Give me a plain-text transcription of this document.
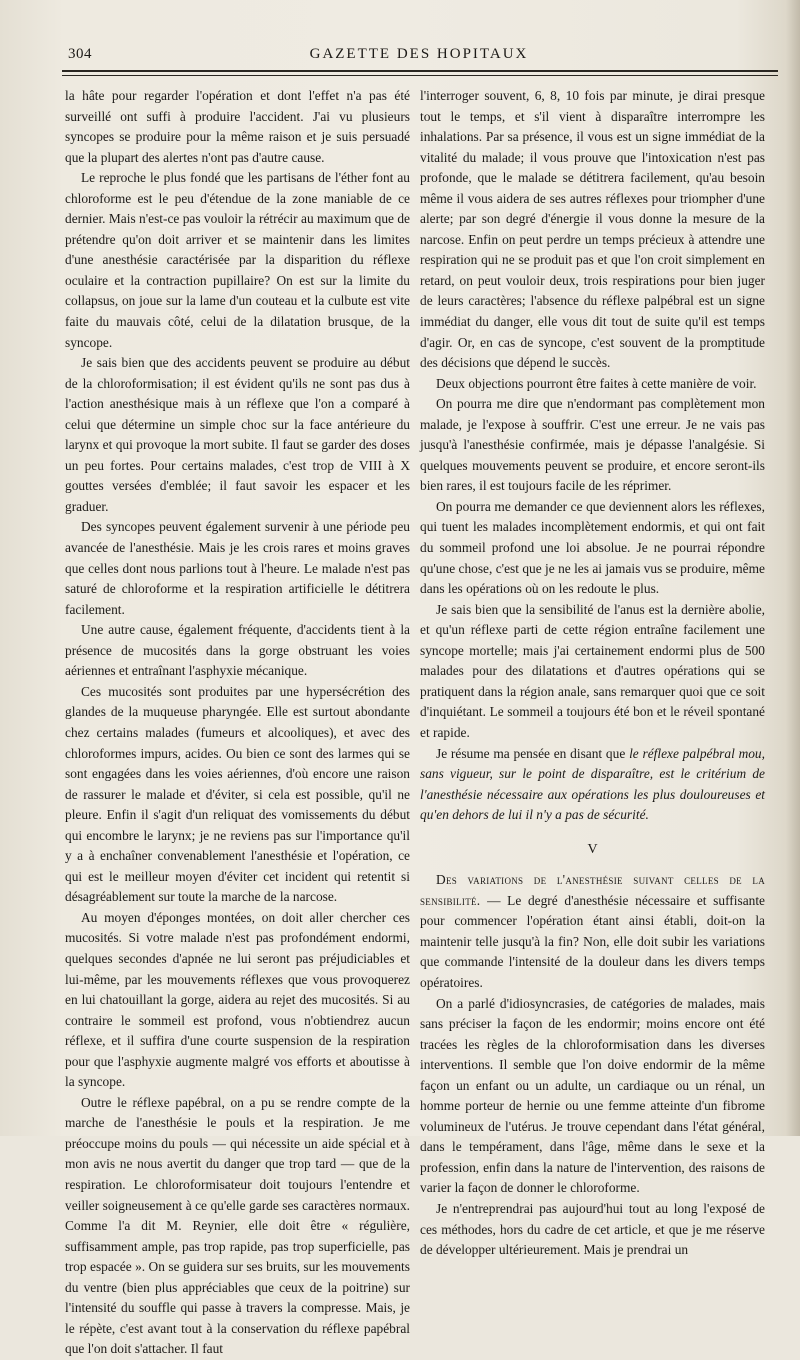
304	GAZETTE DES HOPITAUX

la hâte pour regarder l'opération et dont l'effet n'a pas été surveillé ont suffi à produire l'accident. J'ai vu plusieurs syncopes se produire pour la même raison et je suis persuadé que la plupart des alertes n'ont pas d'autre cause.

Le reproche le plus fondé que les partisans de l'éther font au chloroforme est le peu d'étendue de la zone maniable de ce dernier. Mais n'est-ce pas vouloir la rétrécir au maximum que de prétendre qu'on doit arriver et se maintenir dans les limites d'une anesthésie caractérisée par la disparition du réflexe oculaire et la contraction pupillaire? On est sur la limite du collapsus, on joue sur la lame d'un couteau et la culbute est vite faite du mauvais côté, celui de la dilatation brusque, de la syncope.

Je sais bien que des accidents peuvent se produire au début de la chloroformisation; il est évident qu'ils ne sont pas dus à l'action anesthésique mais à un réflexe que l'on a comparé à celui que détermine un simple choc sur la face antérieure du larynx et qui provoque la mort subite. Il faut se garder des doses un peu fortes. Pour certains malades, c'est trop de VIII à X gouttes versées d'emblée; il faut savoir les espacer et les graduer.

Des syncopes peuvent également survenir à une période peu avancée de l'anesthésie. Mais je les crois rares et moins graves que celles dont nous parlions tout à l'heure. Le malade n'est pas saturé de chloroforme et la respiration artificielle le détitrera facilement.

Une autre cause, également fréquente, d'accidents tient à la présence de mucosités dans la gorge obstruant les voies aériennes et entraînant l'asphyxie mécanique.

Ces mucosités sont produites par une hypersécrétion des glandes de la muqueuse pharyngée. Elle est surtout abondante chez certains malades (fumeurs et alcooliques), et avec des chloroformes impurs, acides. Ou bien ce sont des larmes qui se sont engagées dans les voies aériennes, d'où encore une raison de rassurer le malade et d'éviter, si cela est possible, qu'il ne pleure. Enfin il s'agit d'un reliquat des vomissements du début qui encombre le larynx; je ne reviens pas sur l'importance qu'il y a à enchaîner convenablement l'anesthésie et l'opération, ce qui est le meilleur moyen d'éviter cet incident qui retentit si désagréablement sur toute la marche de la narcose.

Au moyen d'éponges montées, on doit aller chercher ces mucosités. Si votre malade n'est pas profondément endormi, quelques secondes d'apnée ne lui seront pas préjudiciables et lui-même, par les mouvements réflexes que vous provoquerez en lui chatouillant la gorge, aidera au rejet des mucosités. Si au contraire le sommeil est profond, vous n'obtiendrez aucun réflexe, et il suffira d'une courte suspension de la respiration pour que l'asphyxie augmente malgré vos efforts et aboutisse à la syncope.

Outre le réflexe papébral, on a pu se rendre compte de la marche de l'anesthésie le pouls et la respiration. Je me préoccupe moins du pouls — qui nécessite un aide spécial et à mon avis ne nous avertit du danger que trop tard — que de la respiration. Le chloroformisateur doit toujours l'entendre et veiller soigneusement à ce qu'elle garde ses caractères normaux. Comme l'a dit M. Reynier, elle doit être « régulière, suffisamment ample, pas trop rapide, pas trop superficielle, pas trop espacée ». On se guidera sur ses bruits, sur les mouvements du ventre (bien plus appréciables que ceux de la poitrine) sur l'intensité du souffle qui passe à travers la compresse. Mais, je le répète, c'est avant tout à la conservation du réflexe papébral que l'on doit s'attacher. Il faut

l'interroger souvent, 6, 8, 10 fois par minute, je dirai presque tout le temps, et s'il vient à disparaître interrompre les inhalations. Par sa présence, il vous est un signe immédiat de la vitalité du malade; il vous prouve que l'intoxication n'est pas profonde, que le malade se détitrera facilement, qu'au besoin même il vous aidera de ses autres réflexes pour triompher d'une alerte; par son degré d'énergie il vous donne la mesure de la narcose. Enfin on peut perdre un temps précieux à attendre une respiration qui ne se produit pas et que l'on croit simplement en retard, on peut vouloir deux, trois respirations pour bien juger de leurs caractères; l'absence du réflexe palpébral est un signe immédiat du danger, elle vous dit tout de suite qu'il est temps d'agir. Or, en cas de syncope, c'est souvent de la promptitude des décisions que dépend le succès.

Deux objections pourront être faites à cette manière de voir.

On pourra me dire que n'endormant pas complètement mon malade, je l'expose à souffrir. C'est une erreur. Je ne vais pas jusqu'à l'anesthésie confirmée, mais je dépasse l'analgésie. Si quelques mouvements peuvent se produire, et encore seront-ils bien rares, il est toujours facile de les réprimer.

On pourra me demander ce que deviennent alors les réflexes, qui tuent les malades incomplètement endormis, et qui ont fait du sommeil profond une loi absolue. Je ne pourrai répondre qu'une chose, c'est que je ne les ai jamais vus se produire, même dans les opérations où on les redoute le plus.

Je sais bien que la sensibilité de l'anus est la dernière abolie, et qu'un réflexe parti de cette région entraîne facilement une syncope mortelle; mais j'ai certainement endormi plus de 500 malades pour des dilatations et d'autres opérations qui se pratiquent dans la région anale, sans remarquer quoi que ce soit d'inquiétant. Le sommeil a toujours été bon et le réveil spontané et rapide.

Je résume ma pensée en disant que le réflexe palpébral mou, sans vigueur, sur le point de disparaître, est le critérium de l'anesthésie nécessaire aux opérations les plus douloureuses et qu'en dehors de lui il n'y a pas de sécurité.

V

Des variations de l'anesthésie suivant celles de la sensibilité. — Le degré d'anesthésie nécessaire et suffisante pour commencer l'opération étant ainsi établi, doit-on la maintenir telle jusqu'à la fin? Non, elle doit subir les variations que commande l'intensité de la douleur dans les divers temps opératoires.

On a parlé d'idiosyncrasies, de catégories de malades, mais sans préciser la façon de les endormir; moins encore ont été tracées les règles de la chloroformisation dans les diverses interventions. Il semble que l'on doive endormir de la même façon un enfant ou un adulte, un cardiaque ou un rénal, un homme porteur de hernie ou une femme atteinte d'un fibrome volumineux de l'utérus. Je trouve cependant dans l'état général, dans le tempérament, dans l'âge, même dans le sexe et la profession, enfin dans la nature de l'intervention, des raisons de varier la façon de donner le chloroforme.

Je n'entreprendrai pas aujourd'hui tout au long l'exposé de ces méthodes, hors du cadre de cet article, et que je me réserve de développer ultérieurement. Mais je prendrai un
